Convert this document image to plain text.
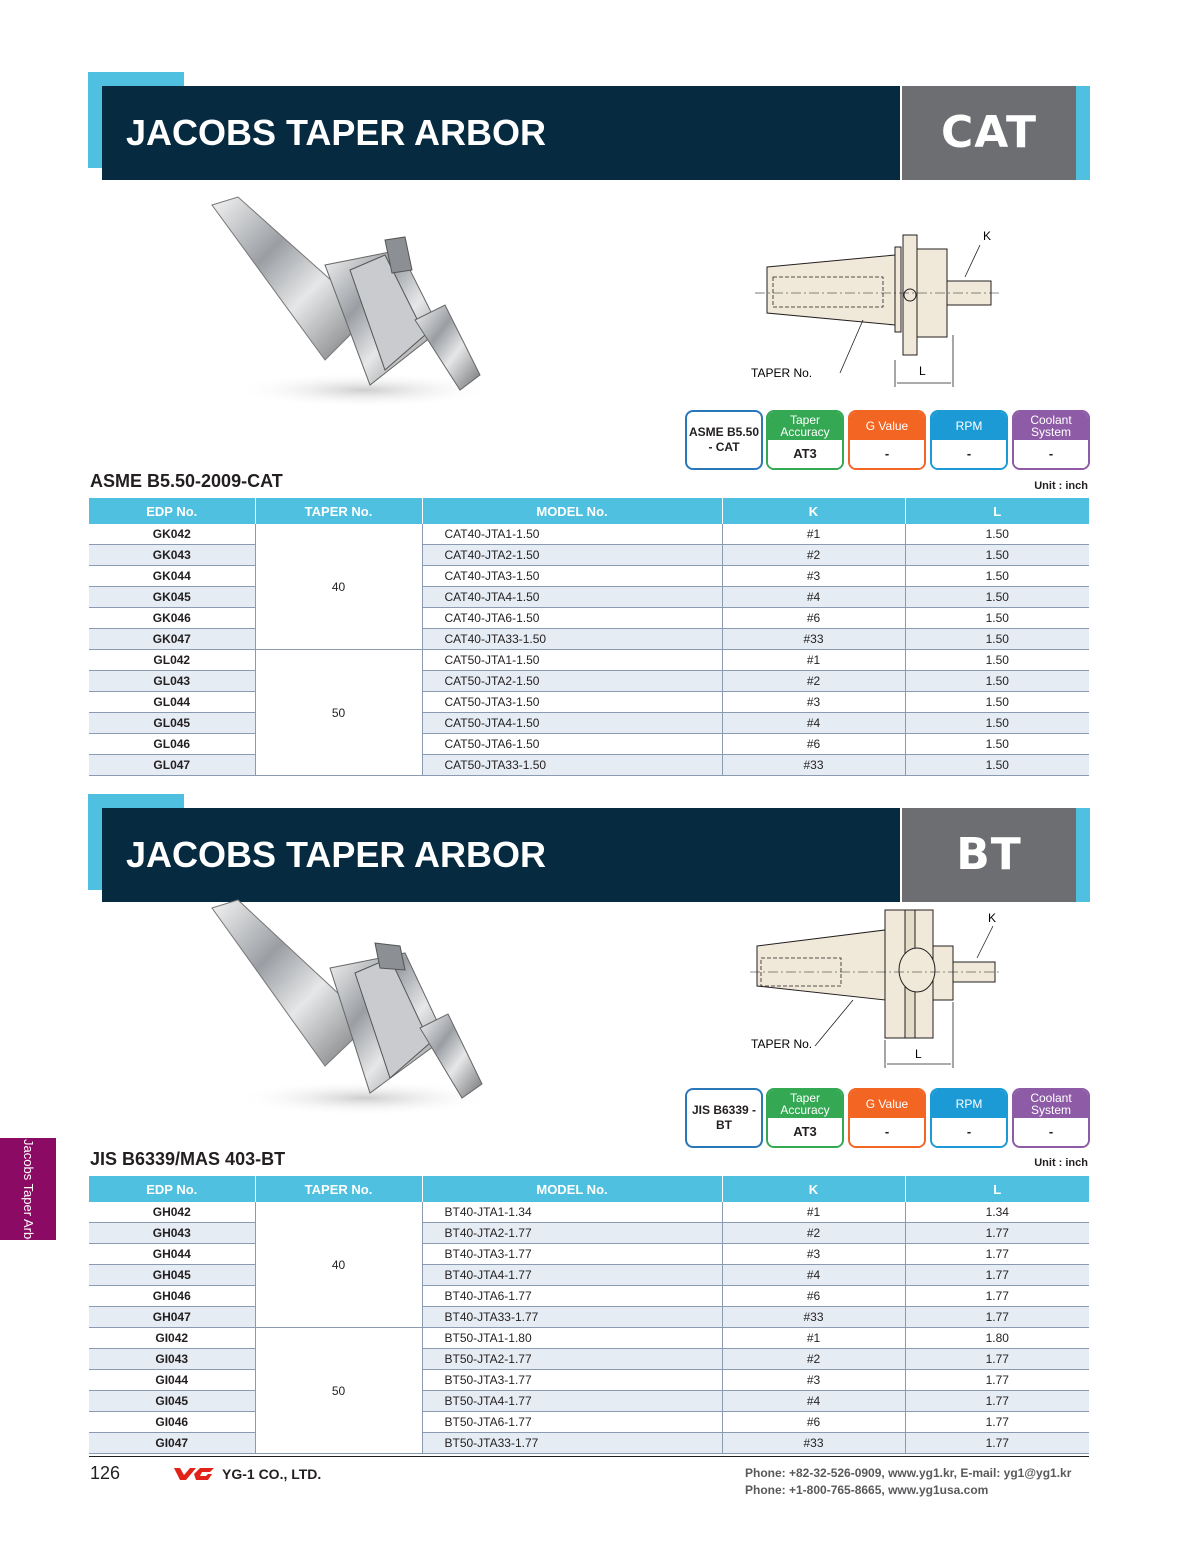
JACOBS TAPER ARBOR	CAT
K
TAPER No.	L
ASME B5.50 - CAT
Taper Accuracy
AT3
G Value
-
RPM
-
Coolant System
-
ASME B5.50-2009-CAT	Unit : inch
EDP No.	TAPER No.	MODEL No.	K	L
GK042	40	CAT40-JTA1-1.50	#1	1.50
GK043		CAT40-JTA2-1.50	#2	1.50
GK044		CAT40-JTA3-1.50	#3	1.50
GK045		CAT40-JTA4-1.50	#4	1.50
GK046		CAT40-JTA6-1.50	#6	1.50
GK047		CAT40-JTA33-1.50	#33	1.50
GL042	50	CAT50-JTA1-1.50	#1	1.50
GL043		CAT50-JTA2-1.50	#2	1.50
GL044		CAT50-JTA3-1.50	#3	1.50
GL045		CAT50-JTA4-1.50	#4	1.50
GL046		CAT50-JTA6-1.50	#6	1.50
GL047		CAT50-JTA33-1.50	#33	1.50
JACOBS TAPER ARBOR	BT
K
TAPER No.
L
JIS B6339 - BT
Taper Accuracy
AT3
G Value
-
RPM
-
Coolant System
-
JIS B6339/MAS 403-BT	Unit : inch
EDP No.	TAPER No.	MODEL No.	K	L
GH042	40	BT40-JTA1-1.34	#1	1.34
GH043		BT40-JTA2-1.77	#2	1.77
GH044		BT40-JTA3-1.77	#3	1.77
GH045		BT40-JTA4-1.77	#4	1.77
GH046		BT40-JTA6-1.77	#6	1.77
GH047		BT40-JTA33-1.77	#33	1.77
GI042	50	BT50-JTA1-1.80	#1	1.80
GI043		BT50-JTA2-1.77	#2	1.77
GI044		BT50-JTA3-1.77	#3	1.77
GI045		BT50-JTA4-1.77	#4	1.77
GI046		BT50-JTA6-1.77	#6	1.77
GI047		BT50-JTA33-1.77	#33	1.77
Jacobs Taper Arbor
126	YG-1 CO., LTD.	Phone: +82-32-526-0909, www.yg1.kr, E-mail: yg1@yg1.kr
Phone: +1-800-765-8665, www.yg1usa.com
